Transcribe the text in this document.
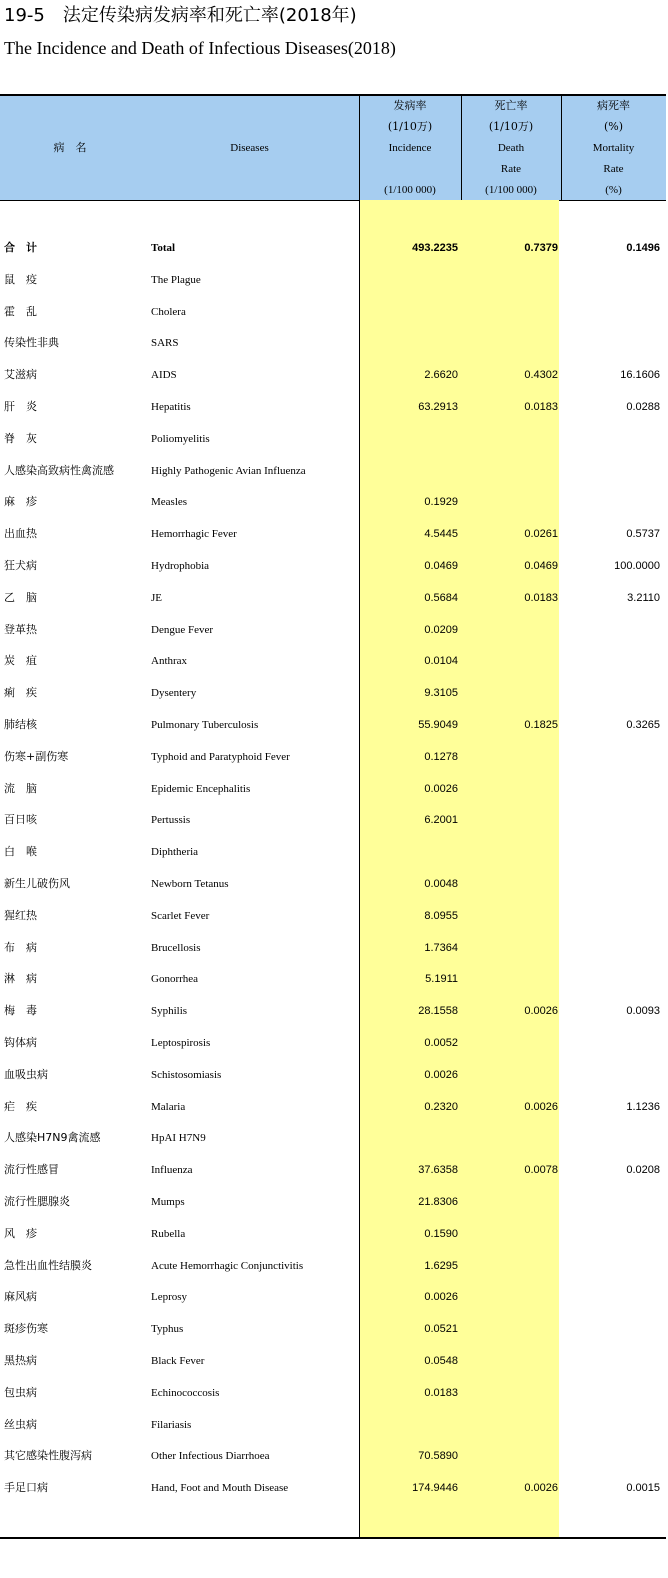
19-5　法定传染病发病率和死亡率(2018年)
The Incidence and Death of Infectious Diseases(2018)
病　名	Diseases
发病率
(1/10万)
Incidence
(1/100 000)
死亡率
(1/10万)
Death
Rate
(1/100 000)
病死率
(%)
Mortality
Rate
(%)
合　计	Total	493.2235	0.7379	0.1496
鼠　疫	The Plague
霍　乱	Cholera
传染性非典	SARS
艾滋病	AIDS	2.6620	0.4302	16.1606
肝　炎	Hepatitis	63.2913	0.0183	0.0288
脊　灰	Poliomyelitis
人感染高致病性禽流感	Highly Pathogenic Avian Influenza
麻　疹	Measles	0.1929
出血热	Hemorrhagic Fever	4.5445	0.0261	0.5737
狂犬病	Hydrophobia	0.0469	0.0469	100.0000
乙　脑	JE	0.5684	0.0183	3.2110
登革热	Dengue Fever	0.0209
炭　疽	Anthrax	0.0104
痢　疾	Dysentery	9.3105
肺结核	Pulmonary Tuberculosis	55.9049	0.1825	0.3265
伤寒+副伤寒	Typhoid and Paratyphoid Fever	0.1278
流　脑	Epidemic Encephalitis	0.0026
百日咳	Pertussis	6.2001
白　喉	Diphtheria
新生儿破伤风	Newborn Tetanus	0.0048
猩红热	Scarlet Fever	8.0955
布　病	Brucellosis	1.7364
淋　病	Gonorrhea	5.1911
梅　毒	Syphilis	28.1558	0.0026	0.0093
钩体病	Leptospirosis	0.0052
血吸虫病	Schistosomiasis	0.0026
疟　疾	Malaria	0.2320	0.0026	1.1236
人感染H7N9禽流感	HpAI H7N9
流行性感冒	Influenza	37.6358	0.0078	0.0208
流行性腮腺炎	Mumps	21.8306
风　疹	Rubella	0.1590
急性出血性结膜炎	Acute Hemorrhagic Conjunctivitis	1.6295
麻风病	Leprosy	0.0026
斑疹伤寒	Typhus	0.0521
黑热病	Black Fever	0.0548
包虫病	Echinococcosis	0.0183
丝虫病	Filariasis
其它感染性腹泻病	Other Infectious Diarrhoea	70.5890
手足口病	Hand, Foot and Mouth Disease	174.9446	0.0026	0.0015
